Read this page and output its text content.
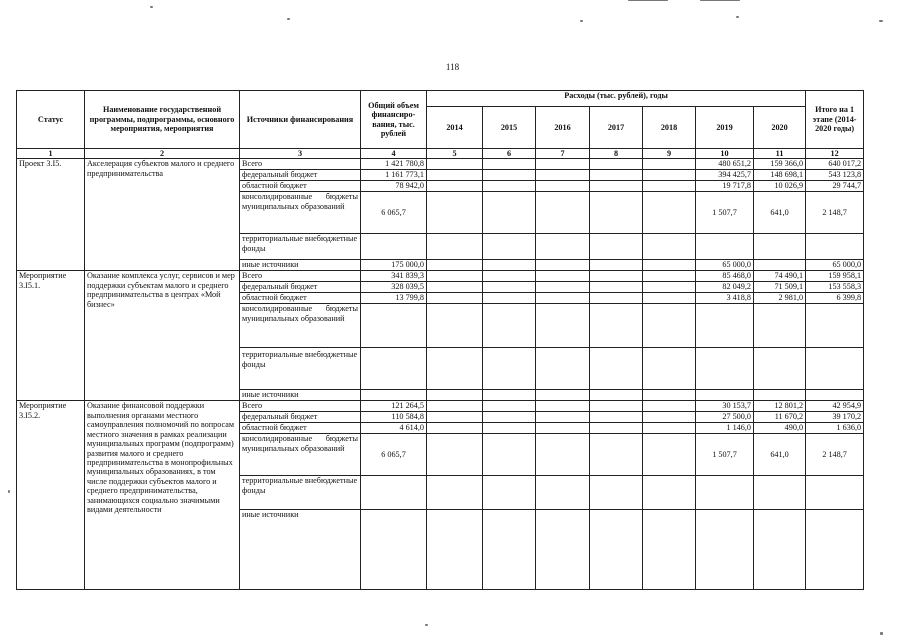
118
Статус	Наименование государственной программы, подпрограммы, основного мероприятия, мероприятия	Источники финансирования	Общий объем финансиро-вания, тыс. рублей	Расходы (тыс. рублей), годы							Итого на 1 этапе (2014-2020 годы)
				2014	2015	2016	2017	2018	2019	2020	
1	2	3	4	5	6	7	8	9	10	11	12
Проект 3.I5.	Акселерация субъектов малого и среднего предпринимательства	Всего	1 421 780,8						480 651,2	159 366,0	640 017,2
		федеральный бюджет	1 161 773,1						394 425,7	148 698,1	543 123,8
		областной бюджет	78 942,0						19 717,8	10 026,9	29 744,7

		консолидированные бюджеты муниципальных образований	6 065,7						1 507,7	641,0	2 148,7
		территориальные внебюджетные фонды									
		иные источники	175 000,0						65 000,0		65 000,0
Мероприятие 3.I5.1.	Оказание комплекса услуг, сервисов и мер поддержки субъектам малого и среднего предпринимательства в центрах «Мой бизнес»	Всего	341 839,3						85 468,0	74 490,1	159 958,1
		федеральный бюджет	328 039,5						82 049,2	71 509,1	153 558,3
		областной бюджет	13 799,8						3 418,8	2 981,0	6 399,8

		консолидированные бюджеты муниципальных образований									

		территориальные внебюджетные фонды									
		иные источники									
Мероприятие 3.I5.2.	Оказание финансовой поддержки выполнения органами местного самоуправления полномочий по вопросам местного значения в рамках реализации муниципальных программ (подпрограмм) развития малого и среднего предпринимательства в монопрофильных муниципальных образованиях, в том числе поддержки субъектов малого и среднего предпринимательства, занимающихся социально значимыми видами деятельности	Всего	121 264,5						30 153,7	12 801,2	42 954,9
		федеральный бюджет	110 584,8						27 500,0	11 670,2	39 170,2
		областной бюджет	4 614,0						1 146,0	490,0	1 636,0

		консолидированные бюджеты муниципальных образований	6 065,7						1 507,7	641,0	2 148,7
		территориальные внебюджетные фонды									
		иные источники									
